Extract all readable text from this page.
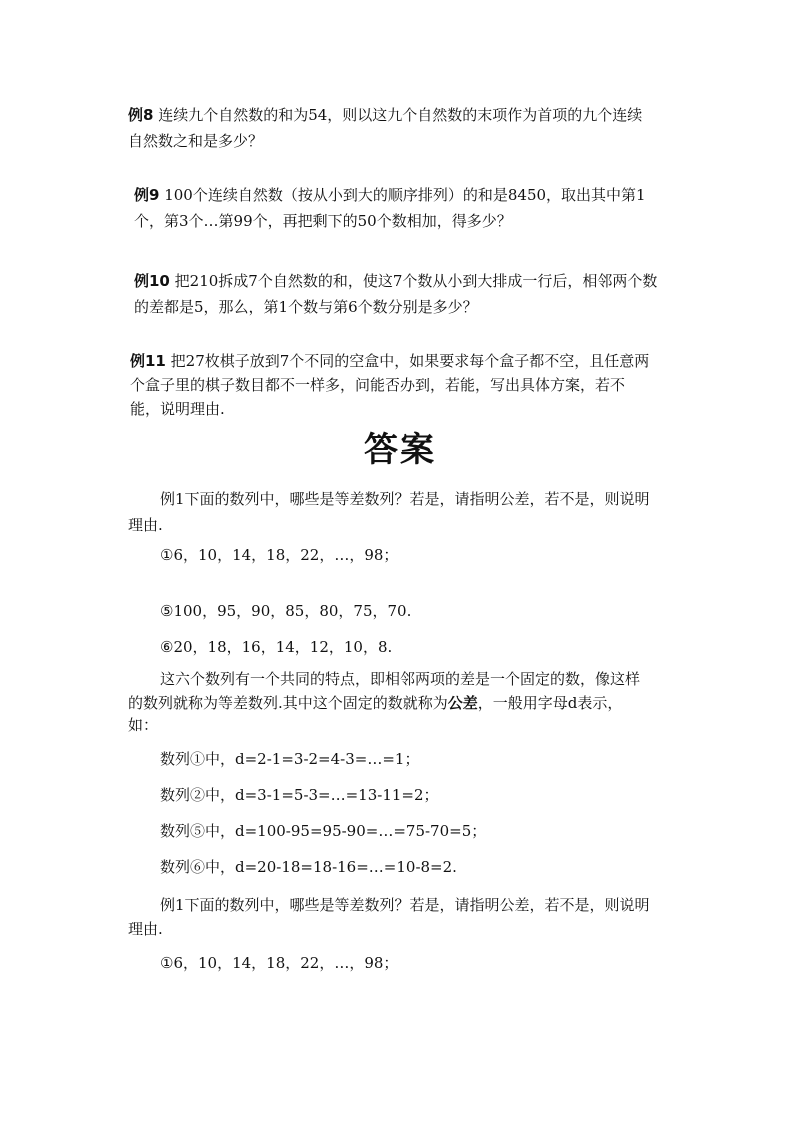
例8 连续九个自然数的和为54，则以这九个自然数的末项作为首项的九个连续
自然数之和是多少？
例9 100个连续自然数（按从小到大的顺序排列）的和是8450，取出其中第1
个，第3个…第99个，再把剩下的50个数相加，得多少？
例10 把210拆成7个自然数的和，使这7个数从小到大排成一行后，相邻两个数
的差都是5，那么，第1个数与第6个数分别是多少？
例11 把27枚棋子放到7个不同的空盒中，如果要求每个盒子都不空，且任意两
个盒子里的棋子数目都不一样多，问能否办到，若能，写出具体方案，若不
能，说明理由.
答案
例1下面的数列中，哪些是等差数列？若是，请指明公差，若不是，则说明
理由.
①6，10，14，18，22，…，98；
⑤100，95，90，85，80，75，70.
⑥20，18，16，14，12，10，8.
这六个数列有一个共同的特点，即相邻两项的差是一个固定的数，像这样
的数列就称为等差数列.其中这个固定的数就称为公差，一般用字母d表示，
如：
数列①中，d=2-1=3-2=4-3=…=1；
数列②中，d=3-1=5-3=…=13-11=2；
数列⑤中，d=100-95=95-90=…=75-70=5；
数列⑥中，d=20-18=18-16=…=10-8=2.
例1下面的数列中，哪些是等差数列？若是，请指明公差，若不是，则说明
理由.
①6，10，14，18，22，…，98；
